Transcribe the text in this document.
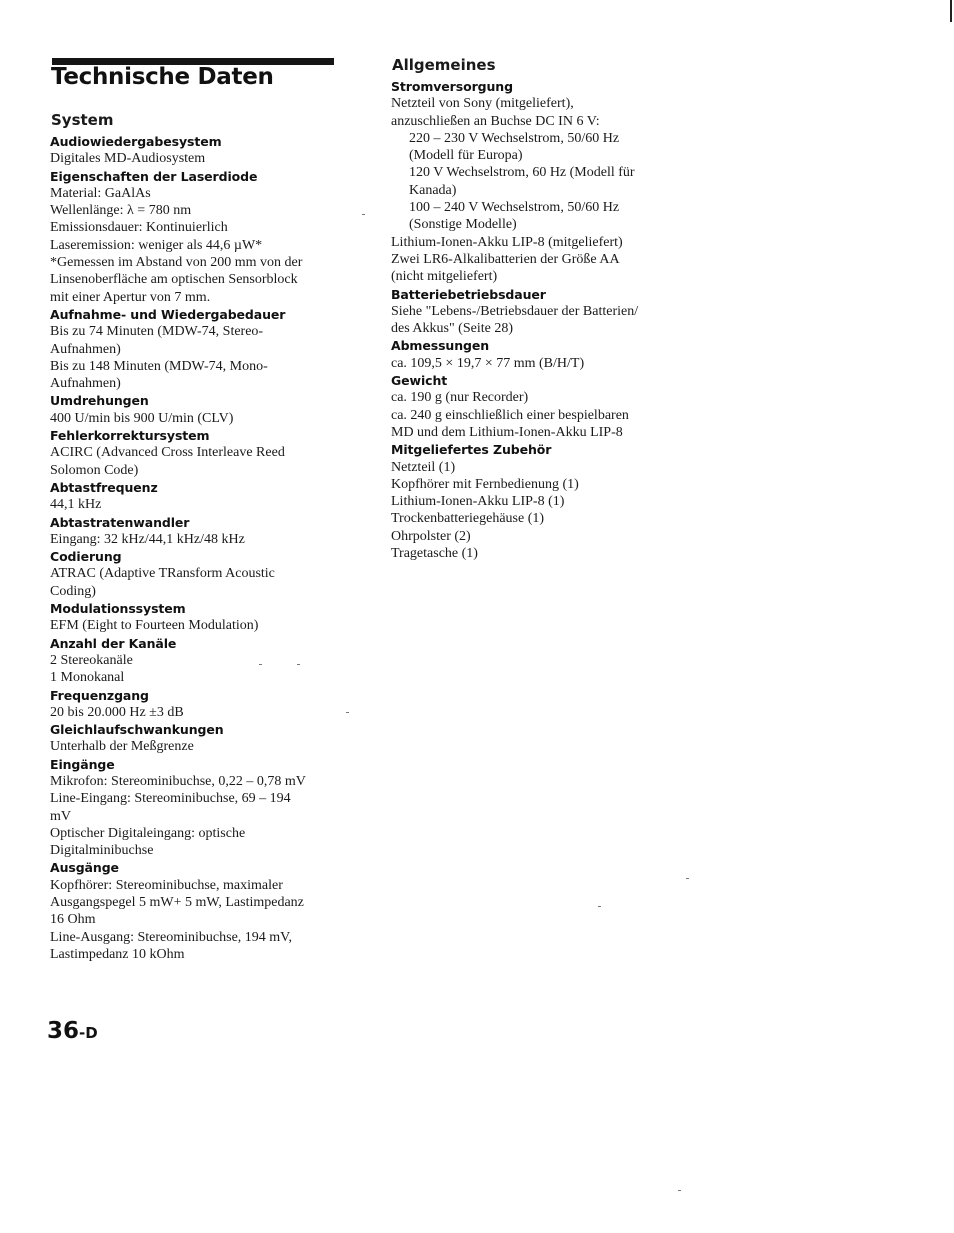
Technische Daten
System
Audiowiedergabesystem
Digitales MD-Audiosystem
Eigenschaften der Laserdiode
Material: GaAlAs
Wellenlänge: λ = 780 nm
Emissionsdauer: Kontinuierlich
Laseremission: weniger als 44,6 µW*
*Gemessen im Abstand von 200 mm von der
Linsenoberfläche am optischen Sensorblock
mit einer Apertur von 7 mm.
Aufnahme- und Wiedergabedauer
Bis zu 74 Minuten (MDW-74, Stereo-
Aufnahmen)
Bis zu 148 Minuten (MDW-74, Mono-
Aufnahmen)
Umdrehungen
400 U/min bis 900 U/min (CLV)
Fehlerkorrektursystem
ACIRC (Advanced Cross Interleave Reed
Solomon Code)
Abtastfrequenz
44,1 kHz
Abtastratenwandler
Eingang: 32 kHz/44,1 kHz/48 kHz
Codierung
ATRAC (Adaptive TRansform Acoustic
Coding)
Modulationssystem
EFM (Eight to Fourteen Modulation)
Anzahl der Kanäle
2 Stereokanäle
1 Monokanal
Frequenzgang
20 bis 20.000 Hz ±3 dB
Gleichlaufschwankungen
Unterhalb der Meßgrenze
Eingänge
Mikrofon: Stereominibuchse, 0,22 – 0,78 mV
Line-Eingang: Stereominibuchse, 69 – 194
mV
Optischer Digitaleingang: optische
Digitalminibuchse
Ausgänge
Kopfhörer: Stereominibuchse, maximaler
Ausgangspegel 5 mW+ 5 mW, Lastimpedanz
16 Ohm
Line-Ausgang: Stereominibuchse, 194 mV,
Lastimpedanz 10 kOhm
Allgemeines
Stromversorgung
Netzteil von Sony (mitgeliefert),
anzuschließen an Buchse DC IN 6 V:
220 – 230 V Wechselstrom, 50/60 Hz
(Modell für Europa)
120 V Wechselstrom, 60 Hz (Modell für
Kanada)
100 – 240 V Wechselstrom, 50/60 Hz
(Sonstige Modelle)
Lithium-Ionen-Akku LIP-8 (mitgeliefert)
Zwei LR6-Alkalibatterien der Größe AA
(nicht mitgeliefert)
Batteriebetriebsdauer
Siehe "Lebens-/Betriebsdauer der Batterien/
des Akkus" (Seite 28)
Abmessungen
ca. 109,5 × 19,7 × 77 mm (B/H/T)
Gewicht
ca. 190 g (nur Recorder)
ca. 240 g einschließlich einer bespielbaren
MD und dem Lithium-Ionen-Akku LIP-8
Mitgeliefertes Zubehör
Netzteil (1)
Kopfhörer mit Fernbedienung (1)
Lithium-Ionen-Akku LIP-8 (1)
Trockenbatteriegehäuse (1)
Ohrpolster (2)
Tragetasche (1)
36-D
